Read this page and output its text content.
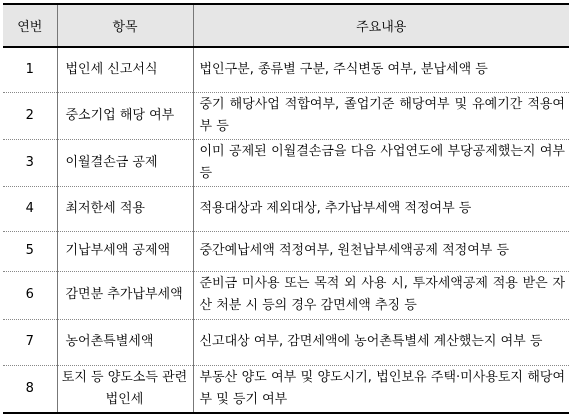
연번	항목	주요내용
1	법인세 신고서식	법인구분, 종류별 구분, 주식변동 여부, 분납세액 등
2	중소기업 해당 여부	중기 해당사업 적합여부, 졸업기준 해당여부 및 유예기간 적용여부 등
3	이월결손금 공제	이미 공제된 이월결손금을 다음 사업연도에 부당공제했는지 여부 등
4	최저한세 적용	적용대상과 제외대상, 추가납부세액 적정여부 등
5	기납부세액 공제액	중간예납세액 적정여부, 원천납부세액공제 적정여부 등
6	감면분 추가납부세액	준비금 미사용 또는 목적 외 사용 시, 투자세액공제 적용 받은 자산 처분 시 등의 경우 감면세액 추징 등
7	농어촌특별세액	신고대상 여부, 감면세액에 농어촌특별세 계산했는지 여부 등
8	토지 등 양도소득 관련 법인세	부동산 양도 여부 및 양도시기, 법인보유 주택·미사용토지 해당여부 및 등기 여부
